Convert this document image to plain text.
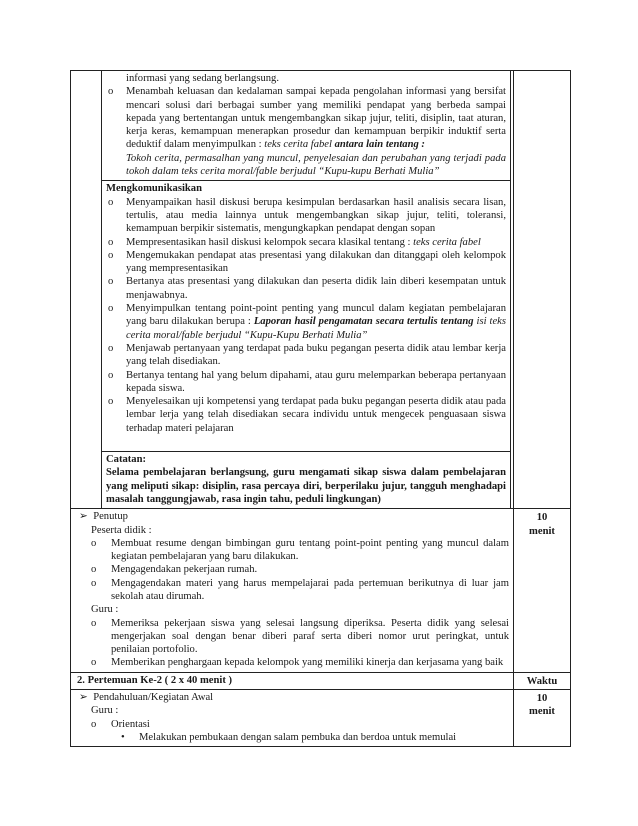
informasi yang sedang berlangsung.
o Menambah keluasan dan kedalaman sampai kepada pengolahan informasi yang bersifat mencari solusi dari berbagai sumber yang memiliki pendapat yang berbeda sampai kepada yang bertentangan untuk mengembangkan sikap jujur, teliti, disiplin, taat aturan, kerja keras, kemampuan menerapkan prosedur dan kemampuan berpikir induktif serta deduktif dalam menyimpulkan : teks cerita fabel antara lain tentang :
Tokoh cerita, permasalhan yang muncul, penyelesaian dan perubahan yang terjadi pada tokoh dalam teks cerita moral/fable berjudul “Kupu-kupu Berhati Mulia”
Mengkomunikasikan
o Menyampaikan hasil diskusi berupa kesimpulan berdasarkan hasil analisis secara lisan, tertulis, atau media lainnya untuk mengembangkan sikap jujur, teliti, toleransi, kemampuan berpikir sistematis, mengungkapkan pendapat dengan sopan
o Mempresentasikan hasil diskusi kelompok secara klasikal tentang : teks cerita fabel
o Mengemukakan pendapat atas presentasi yang dilakukan dan ditanggapi oleh kelompok yang mempresentasikan
o Bertanya atas presentasi yang dilakukan dan peserta didik lain diberi kesempatan untuk menjawabnya.
o Menyimpulkan tentang point-point penting yang muncul dalam kegiatan pembelajaran yang baru dilakukan berupa : Laporan hasil pengamatan secara tertulis tentang isi teks cerita moral/fable berjudul “Kupu-Kupu Berhati Mulia”
o Menjawab pertanyaan yang terdapat pada buku pegangan peserta didik atau lembar kerja yang telah disediakan.
o Bertanya tentang hal yang belum dipahami, atau guru melemparkan beberapa pertanyaan kepada siswa.
o Menyelesaikan uji kompetensi yang terdapat pada buku pegangan peserta didik atau pada lembar lerja yang telah disediakan secara individu untuk mengecek penguasaan siswa terhadap materi pelajaran
Catatan:
Selama pembelajaran berlangsung, guru mengamati sikap siswa dalam pembelajaran yang meliputi sikap: disiplin, rasa percaya diri, berperilaku jujur, tangguh menghadapi masalah tanggungjawab, rasa ingin tahu, peduli lingkungan)
➢ Penutup
Peserta didik :
o Membuat resume dengan bimbingan guru tentang point-point penting yang muncul dalam kegiatan pembelajaran yang baru dilakukan.
o Mengagendakan pekerjaan rumah.
o Mengagendakan materi yang harus mempelajarai pada pertemuan berikutnya di luar jam sekolah atau dirumah.
Guru :
o Memeriksa pekerjaan siswa yang selesai langsung diperiksa. Peserta didik yang selesai mengerjakan soal dengan benar diberi paraf serta diberi nomor urut peringkat, untuk penilaian portofolio.
o Memberikan penghargaan kepada kelompok yang memiliki kinerja dan kerjasama yang baik
10 menit
2. Pertemuan Ke-2 ( 2 x 40 menit )	Waktu
➢ Pendahuluan/Kegiatan Awal
Guru :
o Orientasi
• Melakukan pembukaan dengan salam pembuka dan berdoa untuk memulai
10 menit
